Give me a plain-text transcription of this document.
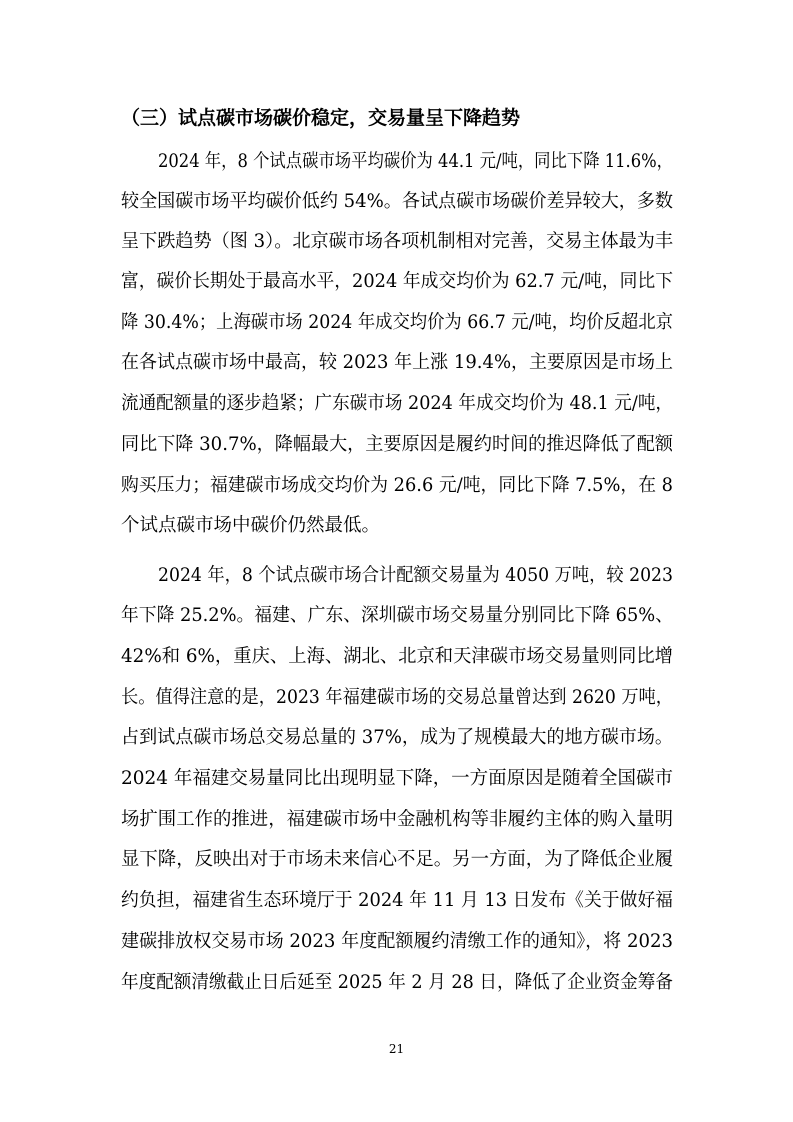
（三）试点碳市场碳价稳定，交易量呈下降趋势
2024 年，8 个试点碳市场平均碳价为 44.1 元/吨，同比下降 11.6%，
较全国碳市场平均碳价低约 54%。各试点碳市场碳价差异较大，多数
呈下跌趋势（图 3）。北京碳市场各项机制相对完善，交易主体最为丰
富，碳价长期处于最高水平，2024 年成交均价为 62.7 元/吨，同比下
降 30.4%；上海碳市场 2024 年成交均价为 66.7 元/吨，均价反超北京
在各试点碳市场中最高，较 2023 年上涨 19.4%，主要原因是市场上
流通配额量的逐步趋紧；广东碳市场 2024 年成交均价为 48.1 元/吨，
同比下降 30.7%，降幅最大，主要原因是履约时间的推迟降低了配额
购买压力；福建碳市场成交均价为 26.6 元/吨，同比下降 7.5%，在 8
个试点碳市场中碳价仍然最低。
2024 年，8 个试点碳市场合计配额交易量为 4050 万吨，较 2023
年下降 25.2%。福建、广东、深圳碳市场交易量分别同比下降 65%、
42%和 6%，重庆、上海、湖北、北京和天津碳市场交易量则同比增
长。值得注意的是，2023 年福建碳市场的交易总量曾达到 2620 万吨，
占到试点碳市场总交易总量的 37%，成为了规模最大的地方碳市场。
2024 年福建交易量同比出现明显下降，一方面原因是随着全国碳市
场扩围工作的推进，福建碳市场中金融机构等非履约主体的购入量明
显下降，反映出对于市场未来信心不足。另一方面，为了降低企业履
约负担，福建省生态环境厅于 2024 年 11 月 13 日发布《关于做好福
建碳排放权交易市场 2023 年度配额履约清缴工作的通知》，将 2023
年度配额清缴截止日后延至 2025 年 2 月 28 日，降低了企业资金筹备
21
